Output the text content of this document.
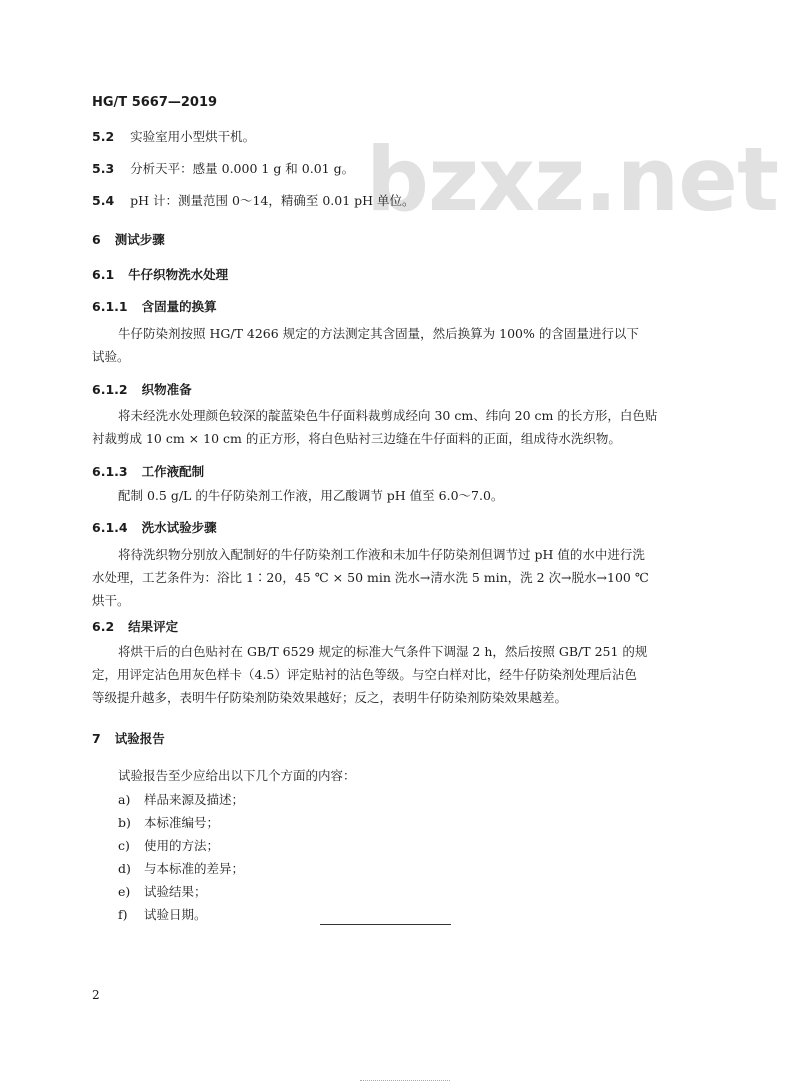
bzxz.net
HG/T 5667—2019
5.2 实验室用小型烘干机。
5.3 分析天平：感量 0.000 1 g 和 0.01 g。
5.4 pH 计：测量范围 0～14，精确至 0.01 pH 单位。
6 测试步骤
6.1 牛仔织物洗水处理
6.1.1 含固量的换算
牛仔防染剂按照 HG/T 4266 规定的方法测定其含固量，然后换算为 100% 的含固量进行以下
试验。
6.1.2 织物准备
将未经洗水处理颜色较深的靛蓝染色牛仔面料裁剪成经向 30 cm、纬向 20 cm 的长方形，白色贴
衬裁剪成 10 cm × 10 cm 的正方形，将白色贴衬三边缝在牛仔面料的正面，组成待水洗织物。
6.1.3 工作液配制
配制 0.5 g/L 的牛仔防染剂工作液，用乙酸调节 pH 值至 6.0～7.0。
6.1.4 洗水试验步骤
将待洗织物分别放入配制好的牛仔防染剂工作液和未加牛仔防染剂但调节过 pH 值的水中进行洗
水处理，工艺条件为：浴比 1∶20，45 ℃ × 50 min 洗水→清水洗 5 min，洗 2 次→脱水→100 ℃
烘干。
6.2 结果评定
将烘干后的白色贴衬在 GB/T 6529 规定的标准大气条件下调湿 2 h，然后按照 GB/T 251 的规
定，用评定沾色用灰色样卡（4.5）评定贴衬的沾色等级。与空白样对比，经牛仔防染剂处理后沾色
等级提升越多，表明牛仔防染剂防染效果越好；反之，表明牛仔防染剂防染效果越差。
7 试验报告
试验报告至少应给出以下几个方面的内容：
a) 样品来源及描述；
b) 本标准编号；
c) 使用的方法；
d) 与本标准的差异；
e) 试验结果；
f) 试验日期。
2
